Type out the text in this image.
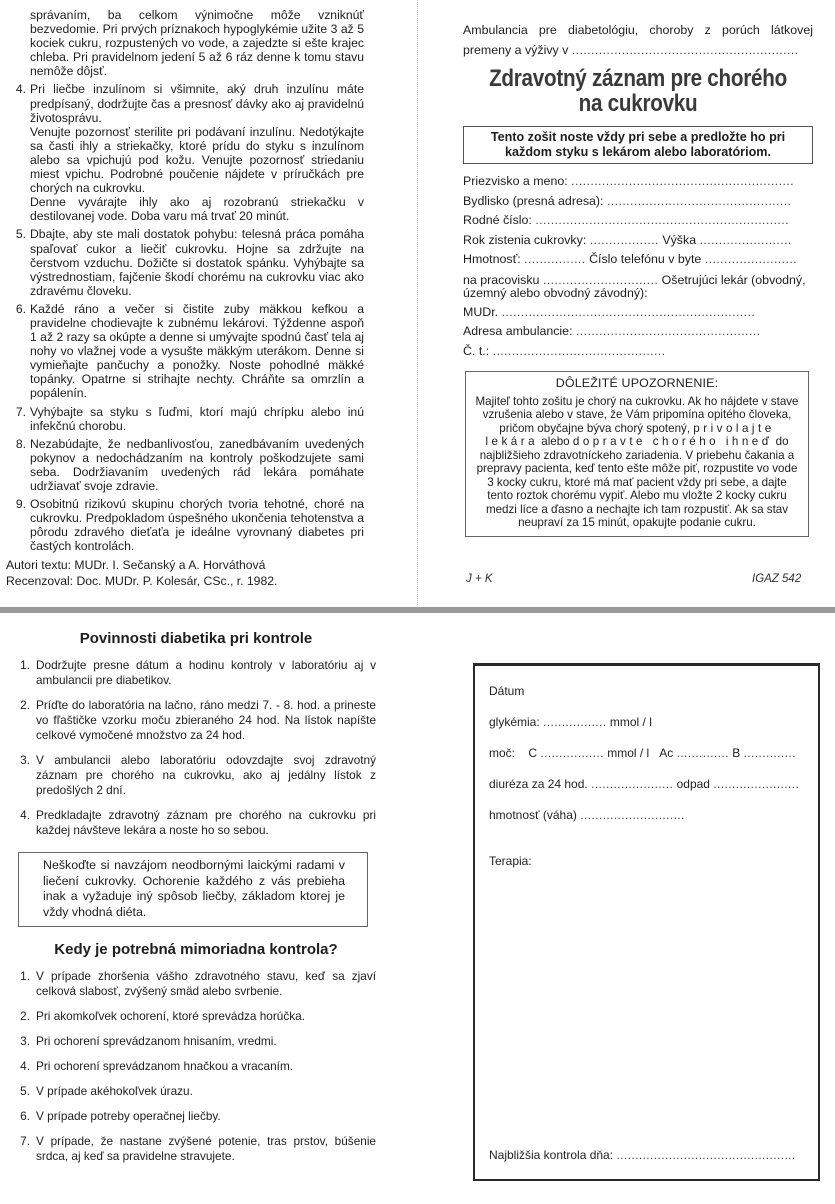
správaním, ba celkom výnimočne môže vzniknúť bezvedomie. Pri prvých príznakoch hypoglykémie užite 3 až 5 kociek cukru, rozpustených vo vode, a zajedzte si ešte krajec chleba. Pri pravidelnom jedení 5 až 6 ráz denne k tomu stavu nemôže dôjsť.
4. Pri liečbe inzulínom si všimnite, aký druh inzulínu máte predpísaný, dodržujte čas a presnosť dávky ako aj pravidelnú životosprávu.
Venujte pozornosť sterilite pri podávaní inzulínu. Nedotýkajte sa časti ihly a striekačky, ktoré prídu do styku s inzulínom alebo sa vpichujú pod kožu. Venujte pozornosť striedaniu miest vpichu. Podrobné poučenie nájdete v príručkách pre chorých na cukrovku.
Denne vyvárajte ihly ako aj rozobranú striekačku v destilovanej vode. Doba varu má trvať 20 minút.
5. Dbajte, aby ste mali dostatok pohybu: telesná práca pomáha spaľovať cukor a liečiť cukrovku. Hojne sa zdržujte na čerstvom vzduchu. Dožičte si dostatok spánku. Vyhýbajte sa výstrednostiam, fajčenie škodí chorému na cukrovku viac ako zdravému človeku.
6. Každé ráno a večer si čistite zuby mäkkou kefkou a pravidelne chodievajte k zubnému lekárovi. Týždenne aspoň 1 až 2 razy sa okúpte a denne si umývajte spodnú časť tela aj nohy vo vlažnej vode a vysušte mäkkým uterákom. Denne si vymieňajte pančuchy a ponožky. Noste pohodlné mäkké topánky. Opatrne si strihajte nechty. Chráňte sa omrzlín a popálenín.
7. Vyhýbajte sa styku s ľuďmi, ktorí majú chrípku alebo inú infekčnú chorobu.
8. Nezabúdajte, že nedbanlivosťou, zanedbávaním uvedených pokynov a nedochádzaním na kontroly poškodzujete sami seba. Dodržiavaním uvedených rád lekára pomáhate udržiavať svoje zdravie.
9. Osobitnú rizikovú skupinu chorých tvoria tehotné, choré na cukrovku. Predpokladom úspešného ukončenia tehotenstva a pôrodu zdravého dieťaťa je ideálne vyrovnaný diabetes pri častých kontrolách.
Autori textu: MUDr. I. Sečanský a A. Horváthová
Recenzoval: Doc. MUDr. P. Kolesár, CSc., r. 1982.
Ambulancia pre diabetológiu, choroby z porúch látkovej premeny a výživy v ...........................................................
Zdravotný záznam pre chorého
na cukrovku
Tento zošit noste vždy pri sebe a predložte ho pri každom styku s lekárom alebo laboratóriom.
Priezvisko a meno: ..........................................................
Bydlisko (presná adresa): ................................................
Rodné číslo: ..................................................................
Rok zistenia cukrovky: .................. Výška ........................
Hmotnosť: ................ Číslo telefónu v byte ........................
na pracovisku .............................. Ošetrujúci lekár (obvodný, územný alebo obvodný závodný):
MUDr. ..................................................................
Adresa ambulancie: ................................................
Č. t.: .............................................
DÔLEŽITÉ UPOZORNENIE:
Majiteľ tohto zošitu je chorý na cukrovku. Ak ho nájdete v stave vzrušenia alebo v stave, že Vám pripomína opitého človeka, pričom obyčajne býva chorý spotený, privolajte lekára alebo dopravte chorého ihneď do najbližšieho zdravotníckeho zariadenia. V priebehu čakania a prepravy pacienta, keď tento ešte môže piť, rozpustite vo vode 3 kocky cukru, ktoré má mať pacient vždy pri sebe, a dajte tento roztok chorému vypiť. Alebo mu vložte 2 kocky cukru medzi líce a ďasno a nechajte ich tam rozpustiť. Ak sa stav neupraví za 15 minút, opakujte podanie cukru.
J + K	IGAZ 542
Povinnosti diabetika pri kontrole
1. Dodržujte presne dátum a hodinu kontroly v laboratóriu aj v ambulancii pre diabetikov.
2. Príďte do laboratória na lačno, ráno medzi 7. - 8. hod. a prineste vo fľaštičke vzorku moču zbieraného 24 hod. Na lístok napíšte celkové vymočené množstvo za 24 hod.
3. V ambulancii alebo laboratóriu odovzdajte svoj zdravotný záznam pre chorého na cukrovku, ako aj jedálny lístok z predošlých 2 dní.
4. Predkladajte zdravotný záznam pre chorého na cukrovku pri každej návšteve lekára a noste ho so sebou.
Neškoďte si navzájom neodbornými laickými radami v liečení cukrovky. Ochorenie každého z vás prebieha inak a vyžaduje iný spôsob liečby, základom ktorej je vždy vhodná diéta.
Kedy je potrebná mimoriadna kontrola?
1. V prípade zhoršenia vášho zdravotného stavu, keď sa zjaví celková slabosť, zvýšený smäd alebo svrbenie.
2. Pri akomkoľvek ochorení, ktoré sprevádza horúčka.
3. Pri ochorení sprevádzanom hnisaním, vredmi.
4. Pri ochorení sprevádzanom hnačkou a vracaním.
5. V prípade akéhokoľvek úrazu.
6. V prípade potreby operačnej liečby.
7. V prípade, že nastane zvýšené potenie, tras prstov, búšenie srdca, aj keď sa pravidelne stravujete.
Dátum
glykémia: ................. mmol / l
moč: C ................. mmol / l Ac .............. B ..............
diuréza za 24 hod. ...................... odpad .......................
hmotnosť (váha) ............................
Terapia:
Najbližšia kontrola dňa: ................................................
